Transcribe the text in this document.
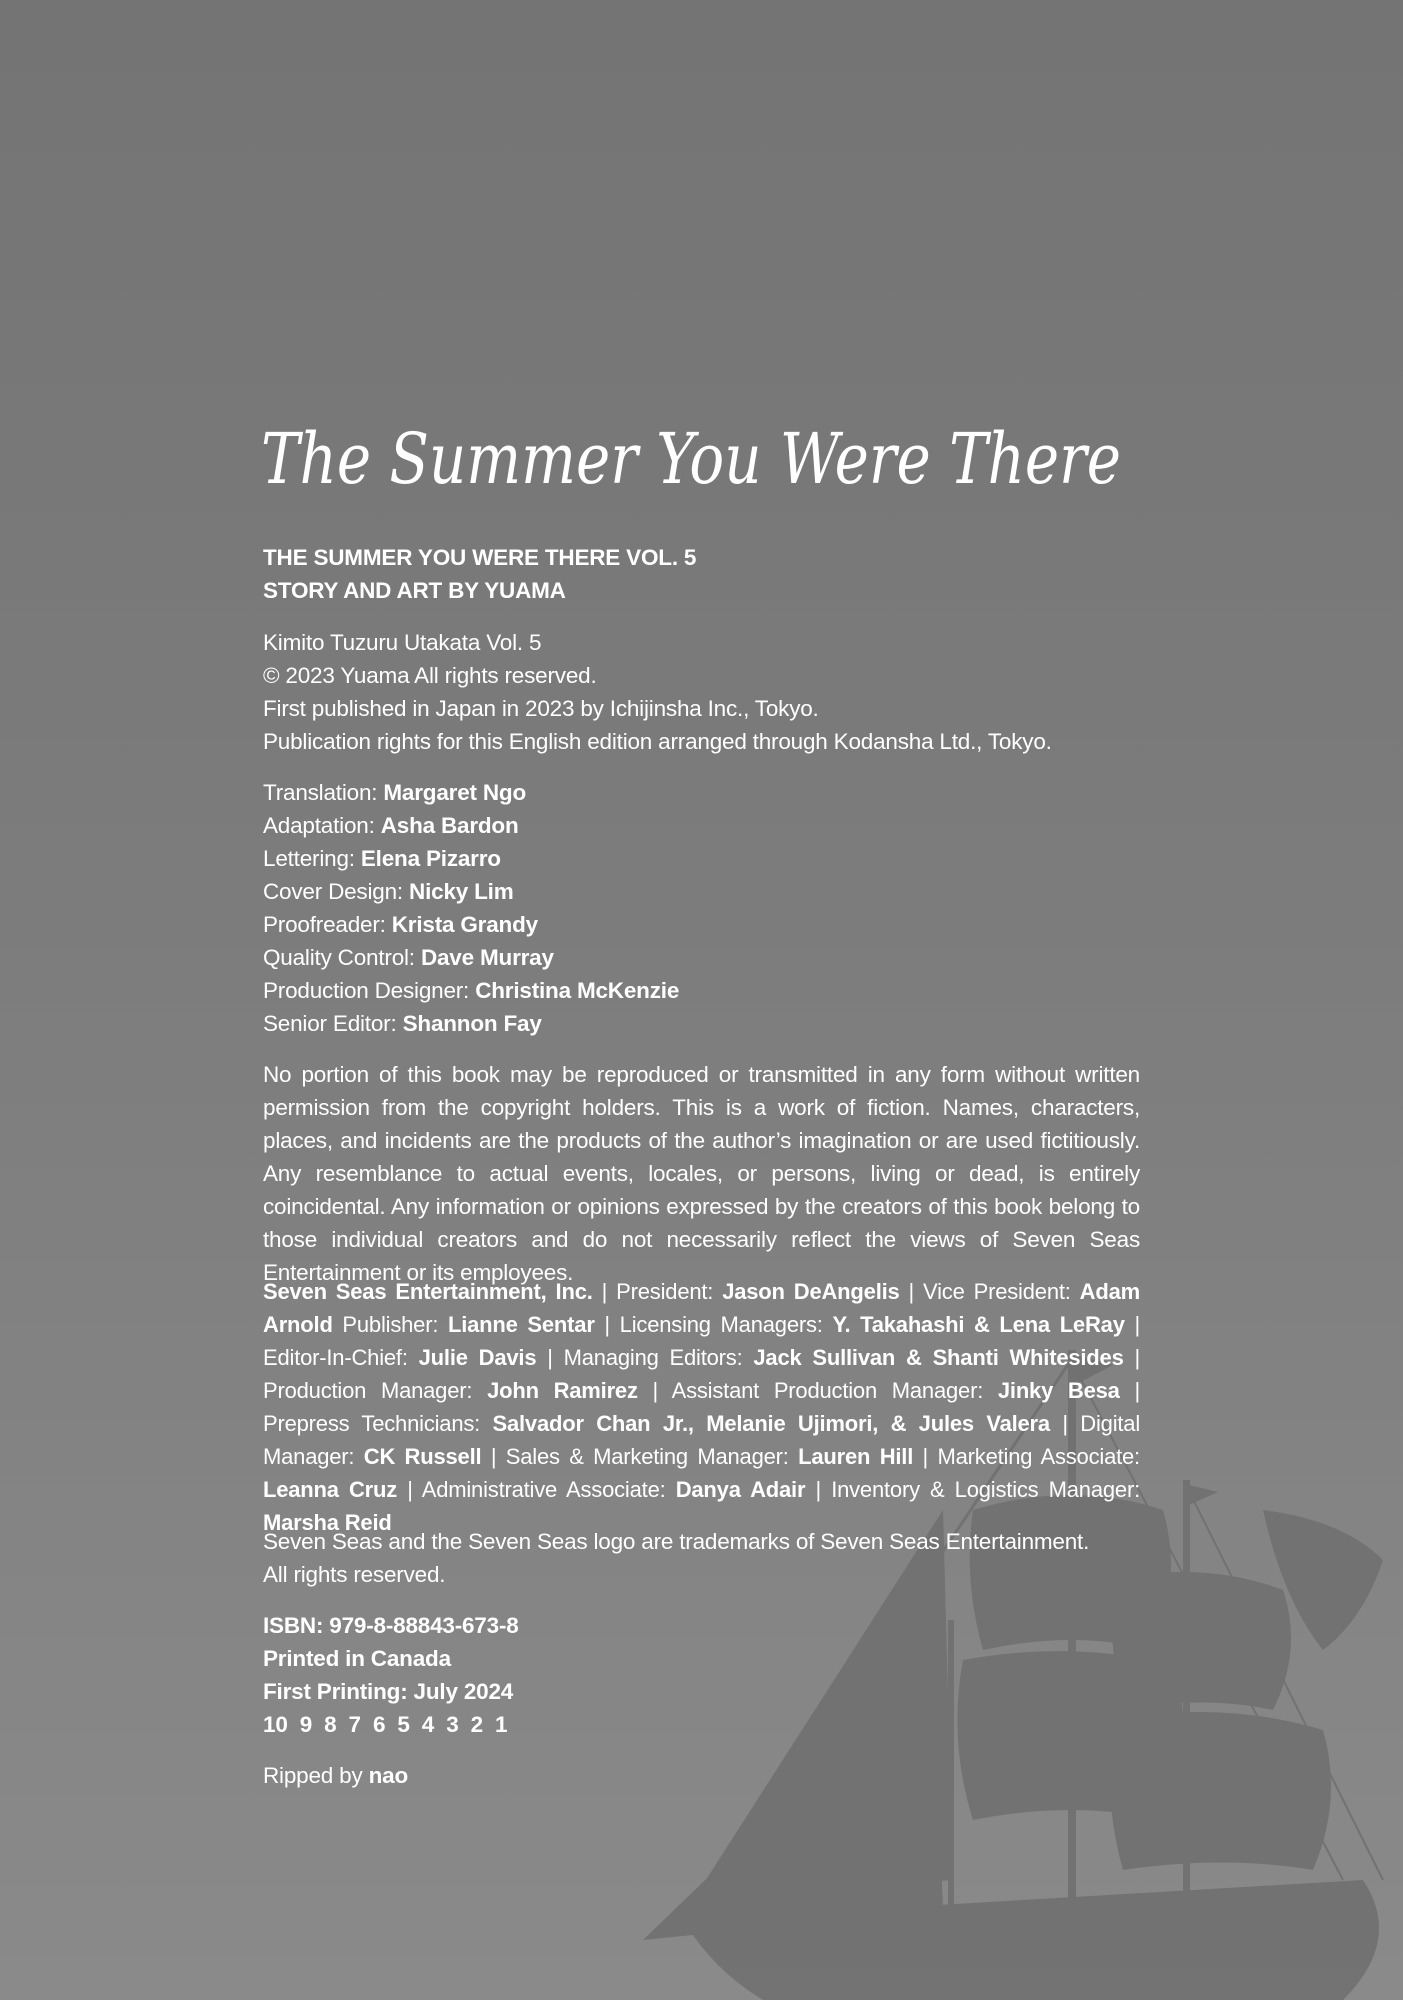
The Summer You Were There
THE SUMMER YOU WERE THERE VOL. 5
STORY AND ART BY YUAMA
Kimito Tuzuru Utakata Vol. 5
© 2023 Yuama All rights reserved.
First published in Japan in 2023 by Ichijinsha Inc., Tokyo.
Publication rights for this English edition arranged through Kodansha Ltd., Tokyo.
Translation: Margaret Ngo
Adaptation: Asha Bardon
Lettering: Elena Pizarro
Cover Design: Nicky Lim
Proofreader: Krista Grandy
Quality Control: Dave Murray
Production Designer: Christina McKenzie
Senior Editor: Shannon Fay

No portion of this book may be reproduced or transmitted in any form without written permission from the copyright holders. This is a work of fiction. Names, characters, places, and incidents are the products of the author’s imagination or are used fictitiously. Any resemblance to actual events, locales, or persons, living or dead, is entirely coincidental. Any information or opinions expressed by the creators of this book belong to those individual creators and do not necessarily reflect the views of Seven Seas Entertainment or its employees.

Seven Seas Entertainment, Inc. | President: Jason DeAngelis | Vice President: Adam Arnold Publisher: Lianne Sentar | Licensing Managers: Y. Takahashi & Lena LeRay | Editor-In-Chief: Julie Davis | Managing Editors: Jack Sullivan & Shanti Whitesides | Production Manager: John Ramirez | Assistant Production Manager: Jinky Besa | Prepress Technicians: Salvador Chan Jr., Melanie Ujimori, & Jules Valera | Digital Manager: CK Russell | Sales & Marketing Manager: Lauren Hill | Marketing Associate: Leanna Cruz | Administrative Associate: Danya Adair | Inventory & Logistics Manager: Marsha Reid

Seven Seas and the Seven Seas logo are trademarks of Seven Seas Entertainment.
All rights reserved.
ISBN: 979-8-88843-673-8
Printed in Canada
First Printing: July 2024
10  9  8  7  6  5  4  3  2  1
Ripped by nao
